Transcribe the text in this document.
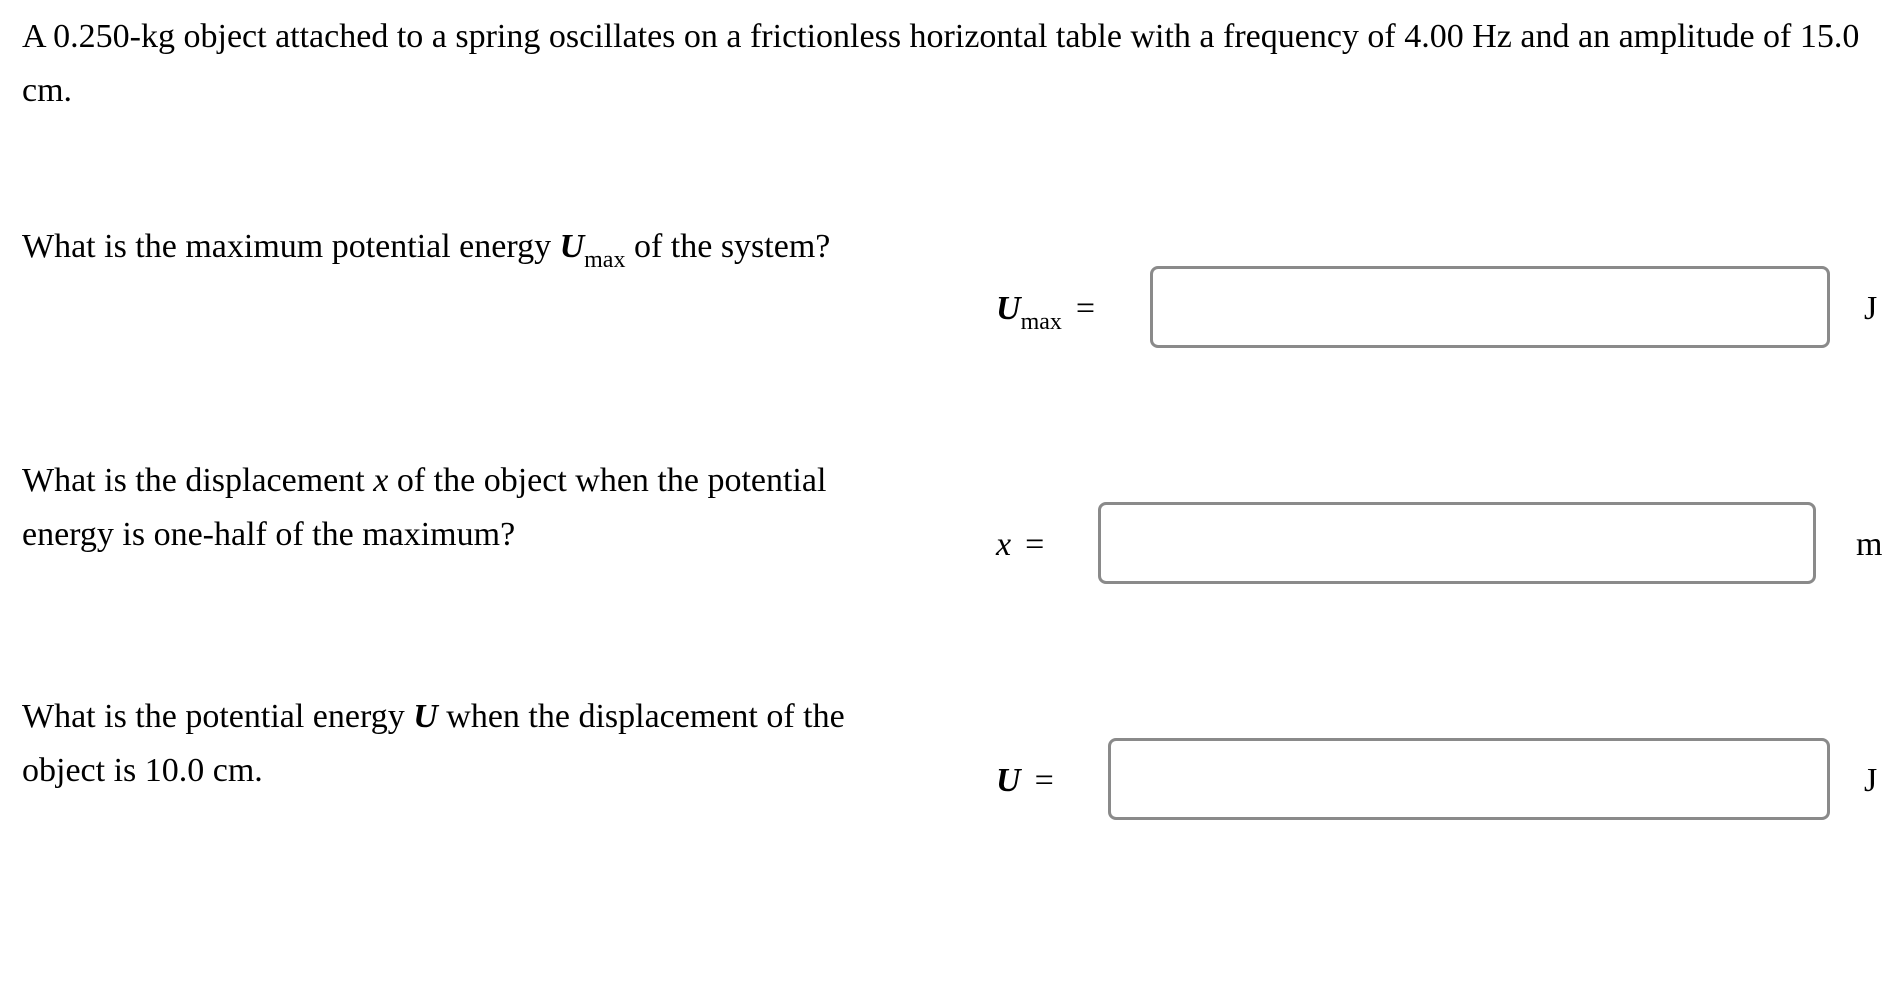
A 0.250-kg object attached to a spring oscillates on a frictionless horizontal table with a frequency of 4.00 Hz and an amplitude of 15.0 cm.

What is the maximum potential energy $U_{max}$ of the system?

$U_{max}$ =	J

What is the displacement x of the object when the potential energy is one-half of the maximum?	x =	m

What is the potential energy U when the displacement of the object is 10.0 cm.	U =	J
